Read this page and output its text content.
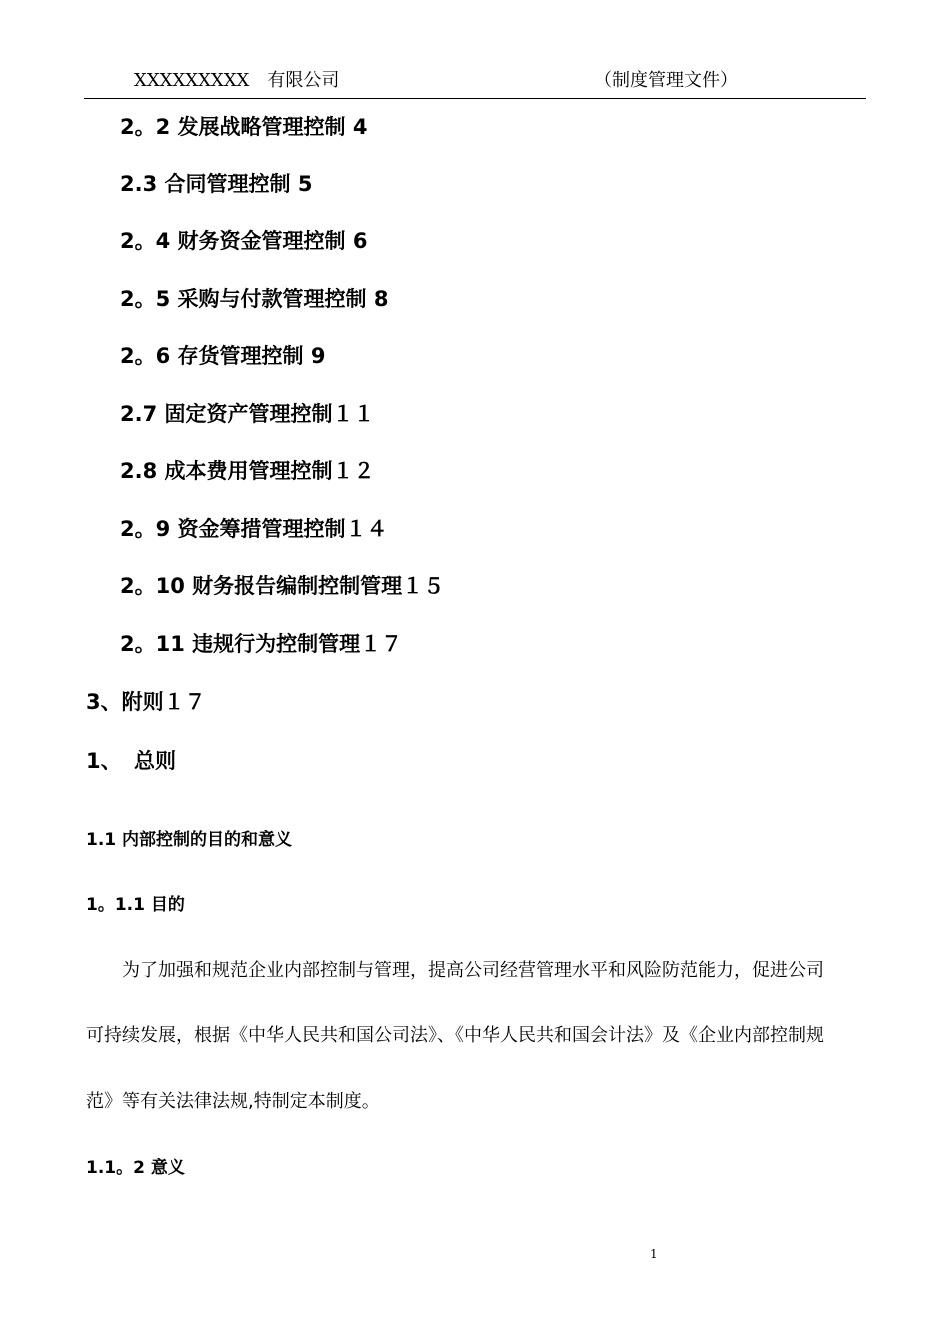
XXXXXXXXX　有限公司	（制度管理文件）
2。2 发展战略管理控制 4
2.3 合同管理控制 5
2。4 财务资金管理控制 6
2。5 采购与付款管理控制 8
2。6 存货管理控制 9
2.7 固定资产管理控制１１
2.8 成本费用管理控制１２
2。9 资金筹措管理控制１４
2。10 财务报告编制控制管理１５
2。11 违规行为控制管理１７
3、附则１７
1、 总则
1.1 内部控制的目的和意义
1。1.1 目的
　　为了加强和规范企业内部控制与管理，提高公司经营管理水平和风险防范能力，促进公司
可持续发展，根据《中华人民共和国公司法》、《中华人民共和国会计法》及《企业内部控制规
范》等有关法律法规,特制定本制度。
1.1。2 意义
1
